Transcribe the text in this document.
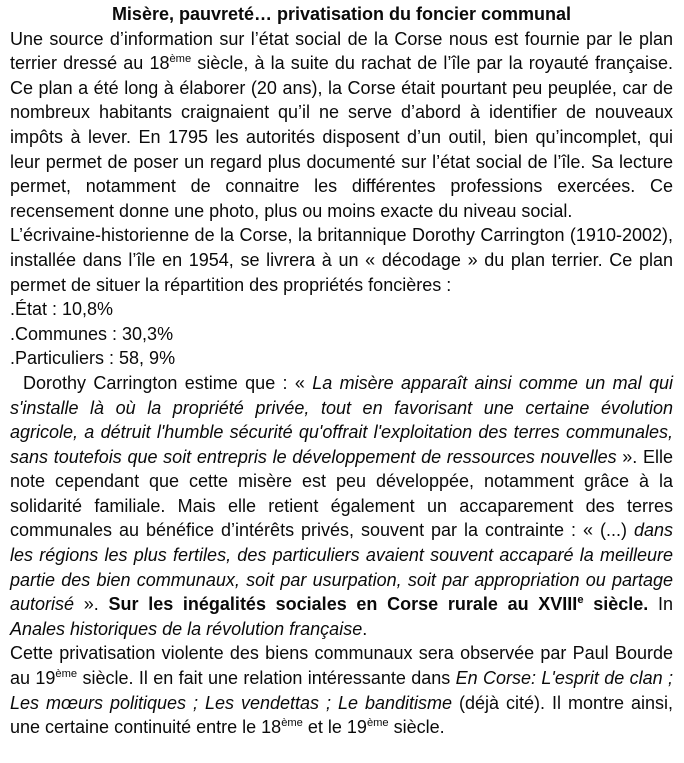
Misère, pauvreté… privatisation du foncier communal

Une source d’information sur l’état social de la Corse nous est fournie par le plan terrier dressé au 18ème siècle, à la suite du rachat de l’île par la royauté française. Ce plan a été long à élaborer (20 ans), la Corse était pourtant peu peuplée, car de nombreux habitants craignaient qu’il ne serve d’abord à identifier de nouveaux impôts à lever. En 1795 les autorités disposent d’un outil, bien qu’incomplet, qui leur permet de poser un regard plus documenté sur l’état social de l’île. Sa lecture permet, notamment de connaitre les différentes professions exercées. Ce recensement donne une photo, plus ou moins exacte du niveau social.

L’écrivaine-historienne de la Corse, la britannique Dorothy Carrington (1910-2002), installée dans l’île en 1954, se livrera à un « décodage » du plan terrier. Ce plan permet de situer la répartition des propriétés foncières :

.État : 10,8%

.Communes : 30,3%

.Particuliers : 58, 9%

Dorothy Carrington estime que : « La misère apparaît ainsi comme un mal qui s'installe là où la propriété privée, tout en favorisant une certaine évolution agricole, a détruit l'humble sécurité qu'offrait l'exploitation des terres communales, sans toutefois que soit entrepris le développement de ressources nouvelles ». Elle note cependant que cette misère est peu développée, notamment grâce à la solidarité familiale. Mais elle retient également un accaparement des terres communales au bénéfice d’intérêts privés, souvent par la contrainte : « (...) dans les régions les plus fertiles, des particuliers avaient souvent accaparé la meilleure partie des bien communaux, soit par usurpation, soit par appropriation ou partage autorisé ». Sur les inégalités sociales en Corse rurale au XVIIIe siècle. In Anales historiques de la révolution française.

Cette privatisation violente des biens communaux sera observée par Paul Bourde au 19ème siècle. Il en fait une relation intéressante dans En Corse: L'esprit de clan ; Les mœurs politiques ; Les vendettas ; Le banditisme (déjà cité). Il montre ainsi, une certaine continuité entre le 18ème et le 19ème siècle.
